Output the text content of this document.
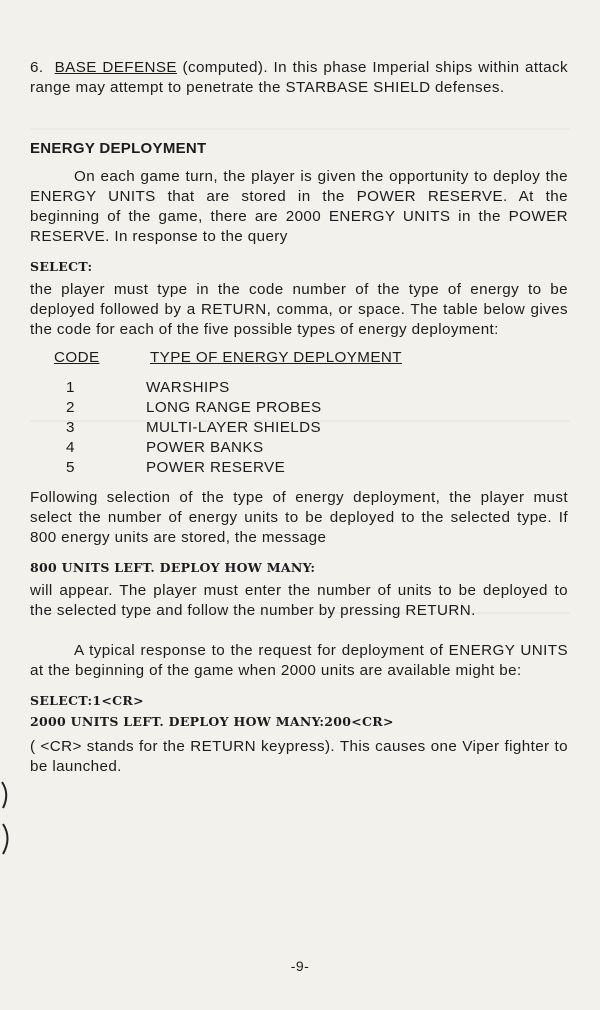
6. BASE DEFENSE (computed). In this phase Imperial ships within attack range may attempt to penetrate the STARBASE SHIELD defenses.

ENERGY DEPLOYMENT

On each game turn, the player is given the opportunity to deploy the ENERGY UNITS that are stored in the POWER RESERVE. At the beginning of the game, there are 2000 ENERGY UNITS in the POWER RESERVE. In response to the query

SELECT:

the player must type in the code number of the type of energy to be deployed followed by a RETURN, comma, or space. The table below gives the code for each of the five possible types of energy deployment:

CODE	TYPE OF ENERGY DEPLOYMENT
1	WARSHIPS
2	LONG RANGE PROBES
3	MULTI-LAYER SHIELDS
4	POWER BANKS
5	POWER RESERVE

Following selection of the type of energy deployment, the player must select the number of energy units to be deployed to the selected type. If 800 energy units are stored, the message

800 UNITS LEFT. DEPLOY HOW MANY:

will appear. The player must enter the number of units to be deployed to the selected type and follow the number by pressing RETURN.

A typical response to the request for deployment of ENERGY UNITS at the beginning of the game when 2000 units are available might be:

SELECT:1<CR>

2000 UNITS LEFT. DEPLOY HOW MANY:200<CR>

( <CR> stands for the RETURN keypress). This causes one Viper fighter to be launched.

-9-
